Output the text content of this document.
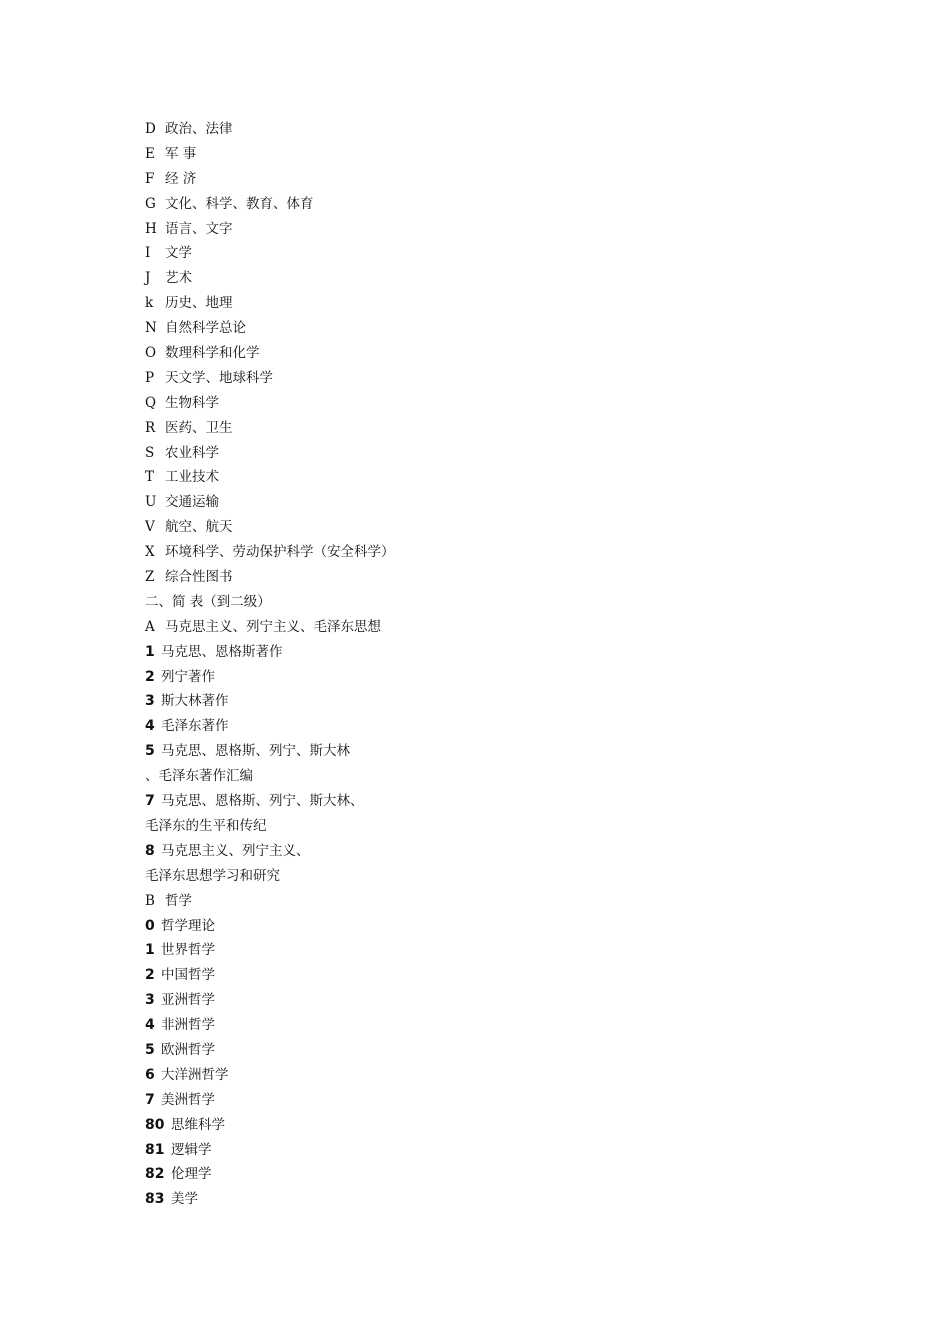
D 政治、法律
E 军 事
F 经 济
G 文化、科学、教育、体育
H 语言、文字
I 文学
J 艺术
k 历史、地理
N 自然科学总论
O 数理科学和化学
P 天文学、地球科学
Q 生物科学
R 医药、卫生
S 农业科学
T 工业技术
U 交通运输
V 航空、航天
X 环境科学、劳动保护科学（安全科学）
Z 综合性图书
二、简 表（到二级）
A 马克思主义、列宁主义、毛泽东思想
1 马克思、恩格斯著作
2 列宁著作
3 斯大林著作
4 毛泽东著作
5 马克思、恩格斯、列宁、斯大林
、毛泽东著作汇编
7 马克思、恩格斯、列宁、斯大林、
毛泽东的生平和传纪
8 马克思主义、列宁主义、
毛泽东思想学习和研究
B 哲学
0 哲学理论
1 世界哲学
2 中国哲学
3 亚洲哲学
4 非洲哲学
5 欧洲哲学
6 大洋洲哲学
7 美洲哲学
80 思维科学
81 逻辑学
82 伦理学
83 美学
